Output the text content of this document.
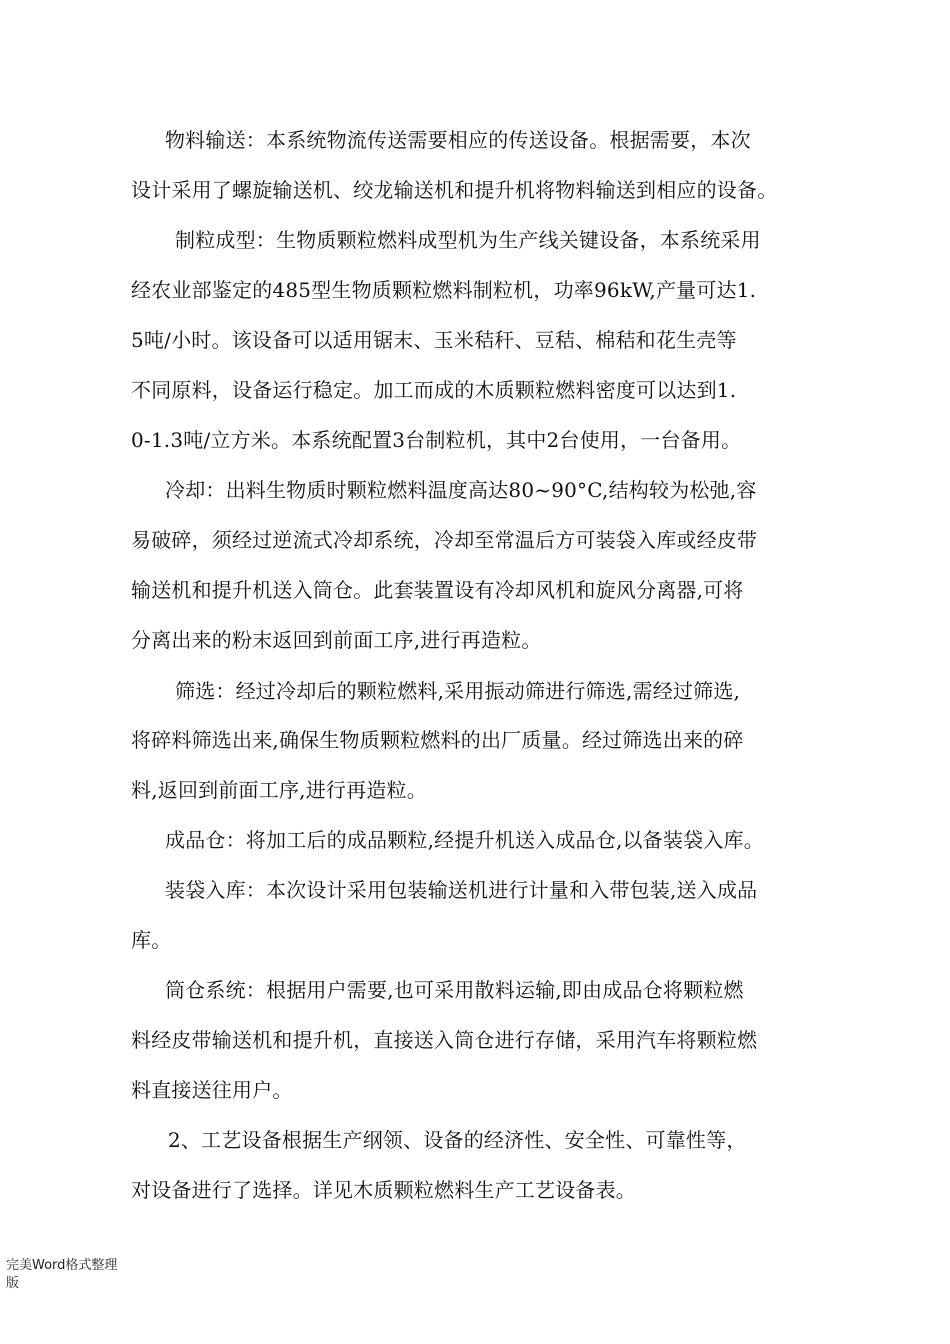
物料输送：本系统物流传送需要相应的传送设备。根据需要，本次
设计采用了螺旋输送机、绞龙输送机和提升机将物料输送到相应的设备。
制粒成型：生物质颗粒燃料成型机为生产线关键设备，本系统采用
经农业部鉴定的485型生物质颗粒燃料制粒机，功率96kW,产量可达1.
5吨/小时。该设备可以适用锯末、玉米秸秆、豆秸、棉秸和花生壳等
不同原料，设备运行稳定。加工而成的木质颗粒燃料密度可以达到1.
0-1.3吨/立方米。本系统配置3台制粒机，其中2台使用，一台备用。
冷却：出料生物质时颗粒燃料温度高达80~90°C,结构较为松弛,容
易破碎，须经过逆流式冷却系统，冷却至常温后方可装袋入库或经皮带
输送机和提升机送入筒仓。此套装置设有冷却风机和旋风分离器,可将
分离出来的粉末返回到前面工序,进行再造粒。
筛选：经过冷却后的颗粒燃料,采用振动筛进行筛选,需经过筛选,
将碎料筛选出来,确保生物质颗粒燃料的出厂质量。经过筛选出来的碎
料,返回到前面工序,进行再造粒。
成品仓：将加工后的成品颗粒,经提升机送入成品仓,以备装袋入库。
装袋入库：本次设计采用包装输送机进行计量和入带包装,送入成品
库。
筒仓系统：根据用户需要,也可采用散料运输,即由成品仓将颗粒燃
料经皮带输送机和提升机，直接送入筒仓进行存储，采用汽车将颗粒燃
料直接送往用户。
2、工艺设备根据生产纲领、设备的经济性、安全性、可靠性等，
对设备进行了选择。详见木质颗粒燃料生产工艺设备表。
完美Word格式整理
版
